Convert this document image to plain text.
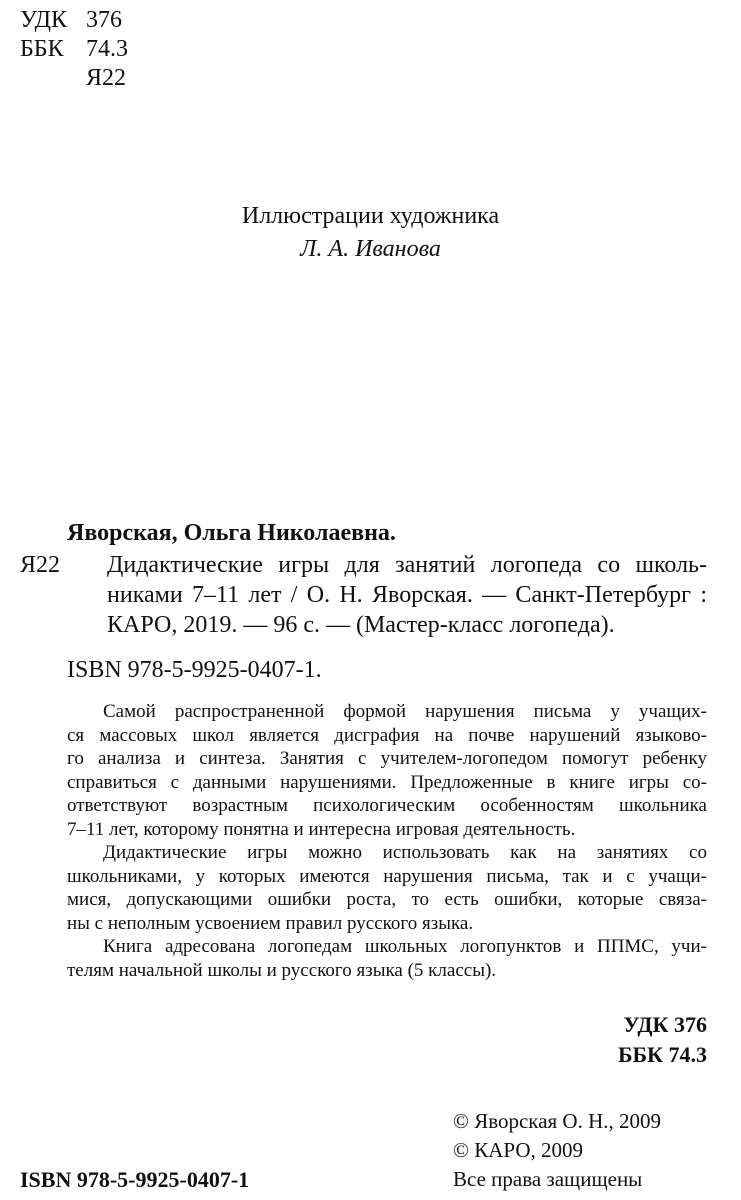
УДК 376
ББК 74.3
Я22
Иллюстрации художника
Л. А. Иванова
Яворская, Ольга Николаевна.
Я22 Дидактические игры для занятий логопеда со школь-
никами 7–11 лет / О. Н. Яворская. — Санкт-Петербург :
КАРО, 2019. — 96 с. — (Мастер-класс логопеда).
ISBN 978-5-9925-0407-1.
Самой распространенной формой нарушения письма у учащих-
ся массовых школ является дисграфия на почве нарушений языково-
го анализа и синтеза. Занятия с учителем-логопедом помогут ребенку
справиться с данными нарушениями. Предложенные в книге игры со-
ответствуют возрастным психологическим особенностям школьника
7–11 лет, которому понятна и интересна игровая деятельность.
Дидактические игры можно использовать как на занятиях со
школьниками, у которых имеются нарушения письма, так и с учащи-
мися, допускающими ошибки роста, то есть ошибки, которые связа-
ны с неполным усвоением правил русского языка.
Книга адресована логопедам школьных логопунктов и ППМС, учи-
телям начальной школы и русского языка (5 классы).
УДК 376
ББК 74.3
© Яворская О. Н., 2009
© КАРО, 2009
Все права защищены
ISBN 978-5-9925-0407-1
